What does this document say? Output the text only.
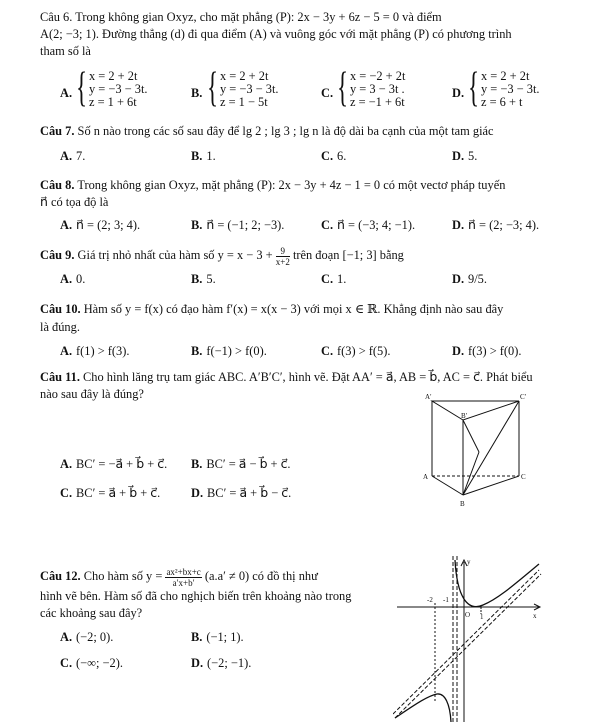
Câu 6. Trong không gian Oxyz, cho mặt phẳng (P): 2x − 3y + 6z − 5 = 0 và điểm
A(2; −3; 1). Đường thẳng (d) đi qua điểm (A) và vuông góc với mặt phẳng (P) có phương trình
tham số là
A. { x = 2 + 2t
y = −3 − 3t.
z = 1 + 6t
B. { x = 2 + 2t
y = −3 − 3t.
z = 1 − 5t
C. { x = −2 + 2t
y = 3 − 3t .
z = −1 + 6t
D. { x = 2 + 2t
y = −3 − 3t.
z = 6 + t
Câu 7. Số n nào trong các số sau đây để lg 2 ; lg 3 ; lg n là độ dài ba cạnh của một tam giác
A. 7.	B. 1.	C. 6.	D. 5.
Câu 8. Trong không gian Oxyz, mặt phẳng (P): 2x − 3y + 4z − 1 = 0 có một vectơ pháp tuyến
n⃗ có tọa độ là
A. n⃗ = (2; 3; 4).	B. n⃗ = (−1; 2; −3).	C. n⃗ = (−3; 4; −1).	D. n⃗ = (2; −3; 4).
Câu 9. Giá trị nhỏ nhất của hàm số $y = x - 3 + \frac{9}{x+2}$ trên đoạn [−1; 3] bằng
A. 0.	B. 5.	C. 1.	D. 9/5.
Câu 10. Hàm số y = f(x) có đạo hàm f′(x) = x(x − 3) với mọi x ∈ ℝ. Khẳng định nào sau đây
là đúng.
A. f(1) > f(3).	B. f(−1) > f(0).	C. f(3) > f(5).	D. f(3) > f(0).
Câu 11. Cho hình lăng trụ tam giác ABC. A′B′C′, hình vẽ. Đặt AA′ = a⃗, AB = b⃗, AC = c⃗. Phát biểu
nào sau đây là đúng?
A. BC′ = −a⃗ + b⃗ + c⃗. B. BC′ = a⃗ − b⃗ + c⃗.
C. BC′ = a⃗ + b⃗ + c⃗. D. BC′ = a⃗ + b⃗ − c⃗.
A′
B′
C′
A	C
B
Câu 12. Cho hàm số $y = \frac{\text{ax²+bx+c}}{a'x+b'} (a.a' \ne 0)$ có đồ thị như
hình vẽ bên. Hàm số đã cho nghịch biến trên khoảng nào trong
các khoảng sau đây?
A. (−2; 0).	B. (−1; 1).
C. (−∞; −2).	D. (−2; −1).
y
x
O
-2 -1
1
